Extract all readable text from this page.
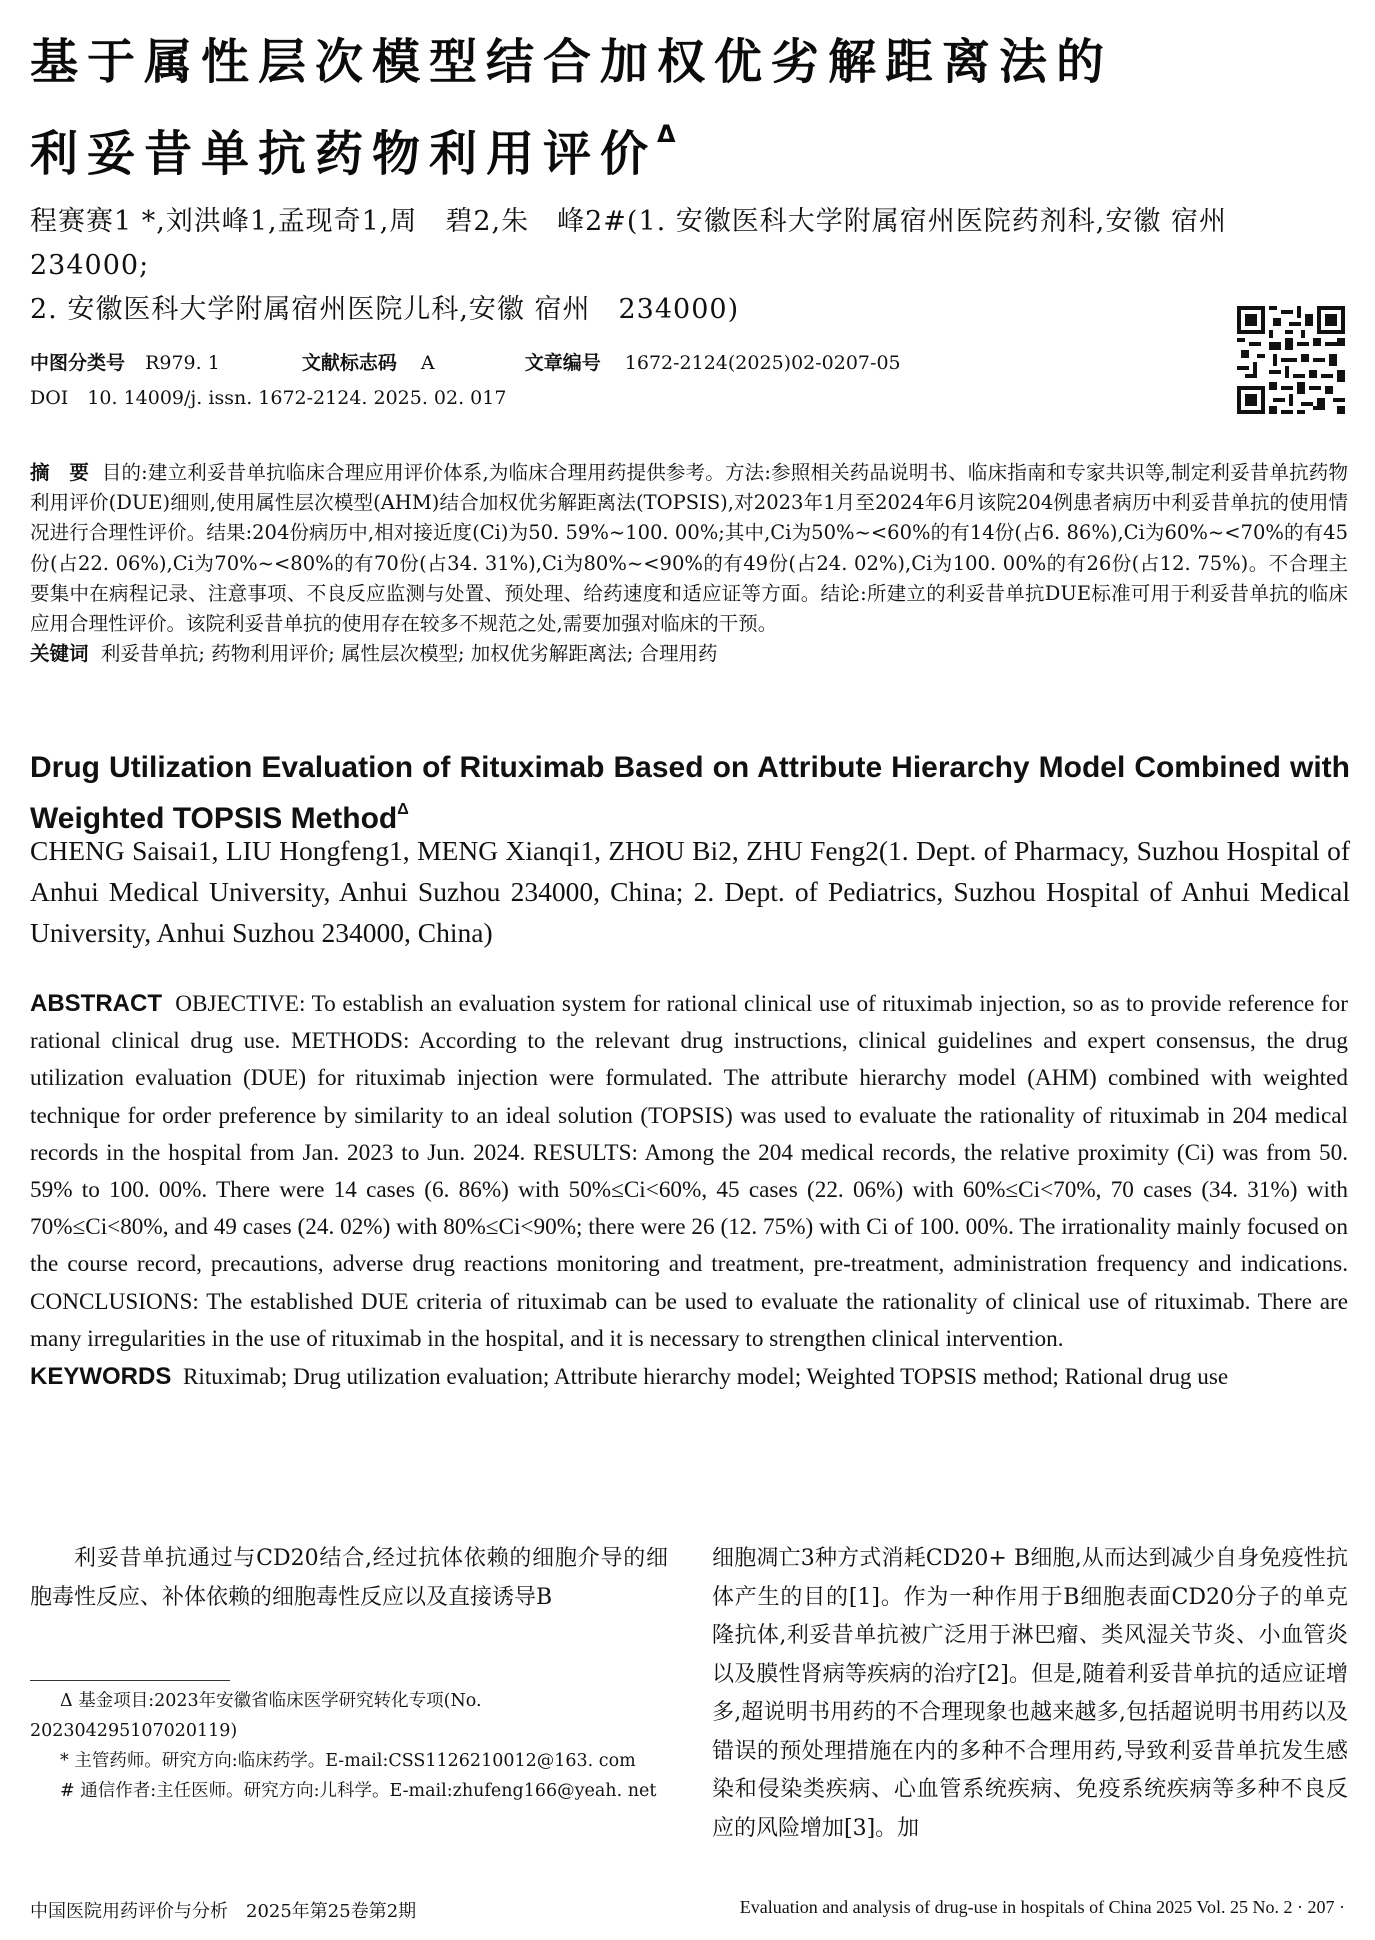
基于属性层次模型结合加权优劣解距离法的
利妥昔单抗药物利用评价$^\Delta$
程赛赛1 *,刘洪峰1,孟现奇1,周　碧2,朱　峰2#(1. 安徽医科大学附属宿州医院药剂科,安徽 宿州　234000;
2. 安徽医科大学附属宿州医院儿科,安徽 宿州　234000)
中图分类号 R979. 1	文献标志码 A	文章编号 1672-2124(2025)02-0207-05
DOI　10. 14009/j. issn. 1672-2124. 2025. 02. 017
摘　要 目的:建立利妥昔单抗临床合理应用评价体系,为临床合理用药提供参考。方法:参照相关药品说明书、临床指南和专家共识等,制定利妥昔单抗药物利用评价(DUE)细则,使用属性层次模型(AHM)结合加权优劣解距离法(TOPSIS),对2023年1月至2024年6月该院204例患者病历中利妥昔单抗的使用情况进行合理性评价。结果:204份病历中,相对接近度(Ci)为50. 59%~100. 00%;其中,Ci为50%~<60%的有14份(占6. 86%),Ci为60%~<70%的有45份(占22. 06%),Ci为70%~<80%的有70份(占34. 31%),Ci为80%~<90%的有49份(占24. 02%),Ci为100. 00%的有26份(占12. 75%)。不合理主要集中在病程记录、注意事项、不良反应监测与处置、预处理、给药速度和适应证等方面。结论:所建立的利妥昔单抗DUE标准可用于利妥昔单抗的临床应用合理性评价。该院利妥昔单抗的使用存在较多不规范之处,需要加强对临床的干预。
关键词 利妥昔单抗; 药物利用评价; 属性层次模型; 加权优劣解距离法; 合理用药
Drug Utilization Evaluation of Rituximab Based on Attribute Hierarchy Model Combined with Weighted TOPSIS Method$^\Delta$
CHENG Saisai1, LIU Hongfeng1, MENG Xianqi1, ZHOU Bi2, ZHU Feng2(1. Dept. of Pharmacy, Suzhou Hospital of Anhui Medical University, Anhui Suzhou 234000, China; 2. Dept. of Pediatrics, Suzhou Hospital of Anhui Medical University, Anhui Suzhou 234000, China)
ABSTRACT OBJECTIVE: To establish an evaluation system for rational clinical use of rituximab injection, so as to provide reference for rational clinical drug use. METHODS: According to the relevant drug instructions, clinical guidelines and expert consensus, the drug utilization evaluation (DUE) for rituximab injection were formulated. The attribute hierarchy model (AHM) combined with weighted technique for order preference by similarity to an ideal solution (TOPSIS) was used to evaluate the rationality of rituximab in 204 medical records in the hospital from Jan. 2023 to Jun. 2024. RESULTS: Among the 204 medical records, the relative proximity (Ci) was from 50. 59% to 100. 00%. There were 14 cases (6. 86%) with 50%≤Ci<60%, 45 cases (22. 06%) with 60%≤Ci<70%, 70 cases (34. 31%) with 70%≤Ci<80%, and 49 cases (24. 02%) with 80%≤Ci<90%; there were 26 (12. 75%) with Ci of 100. 00%. The irrationality mainly focused on the course record, precautions, adverse drug reactions monitoring and treatment, pre-treatment, administration frequency and indications. CONCLUSIONS: The established DUE criteria of rituximab can be used to evaluate the rationality of clinical use of rituximab. There are many irregularities in the use of rituximab in the hospital, and it is necessary to strengthen clinical intervention.
KEYWORDS Rituximab; Drug utilization evaluation; Attribute hierarchy model; Weighted TOPSIS method; Rational drug use
利妥昔单抗通过与CD20结合,经过抗体依赖的细胞介导的细胞毒性反应、补体依赖的细胞毒性反应以及直接诱导B
Δ 基金项目:2023年安徽省临床医学研究转化专项(No. 202304295107020119)
* 主管药师。研究方向:临床药学。E-mail:CSS1126210012@163. com
# 通信作者:主任医师。研究方向:儿科学。E-mail:zhufeng166@yeah. net
细胞凋亡3种方式消耗CD20+ B细胞,从而达到减少自身免疫性抗体产生的目的[1]。作为一种作用于B细胞表面CD20分子的单克隆抗体,利妥昔单抗被广泛用于淋巴瘤、类风湿关节炎、小血管炎以及膜性肾病等疾病的治疗[2]。但是,随着利妥昔单抗的适应证增多,超说明书用药的不合理现象也越来越多,包括超说明书用药以及错误的预处理措施在内的多种不合理用药,导致利妥昔单抗发生感染和侵染类疾病、心血管系统疾病、免疫系统疾病等多种不良反应的风险增加[3]。加
中国医院用药评价与分析　2025年第25卷第2期	Evaluation and analysis of drug-use in hospitals of China 2025 Vol. 25 No. 2 · 207 ·
